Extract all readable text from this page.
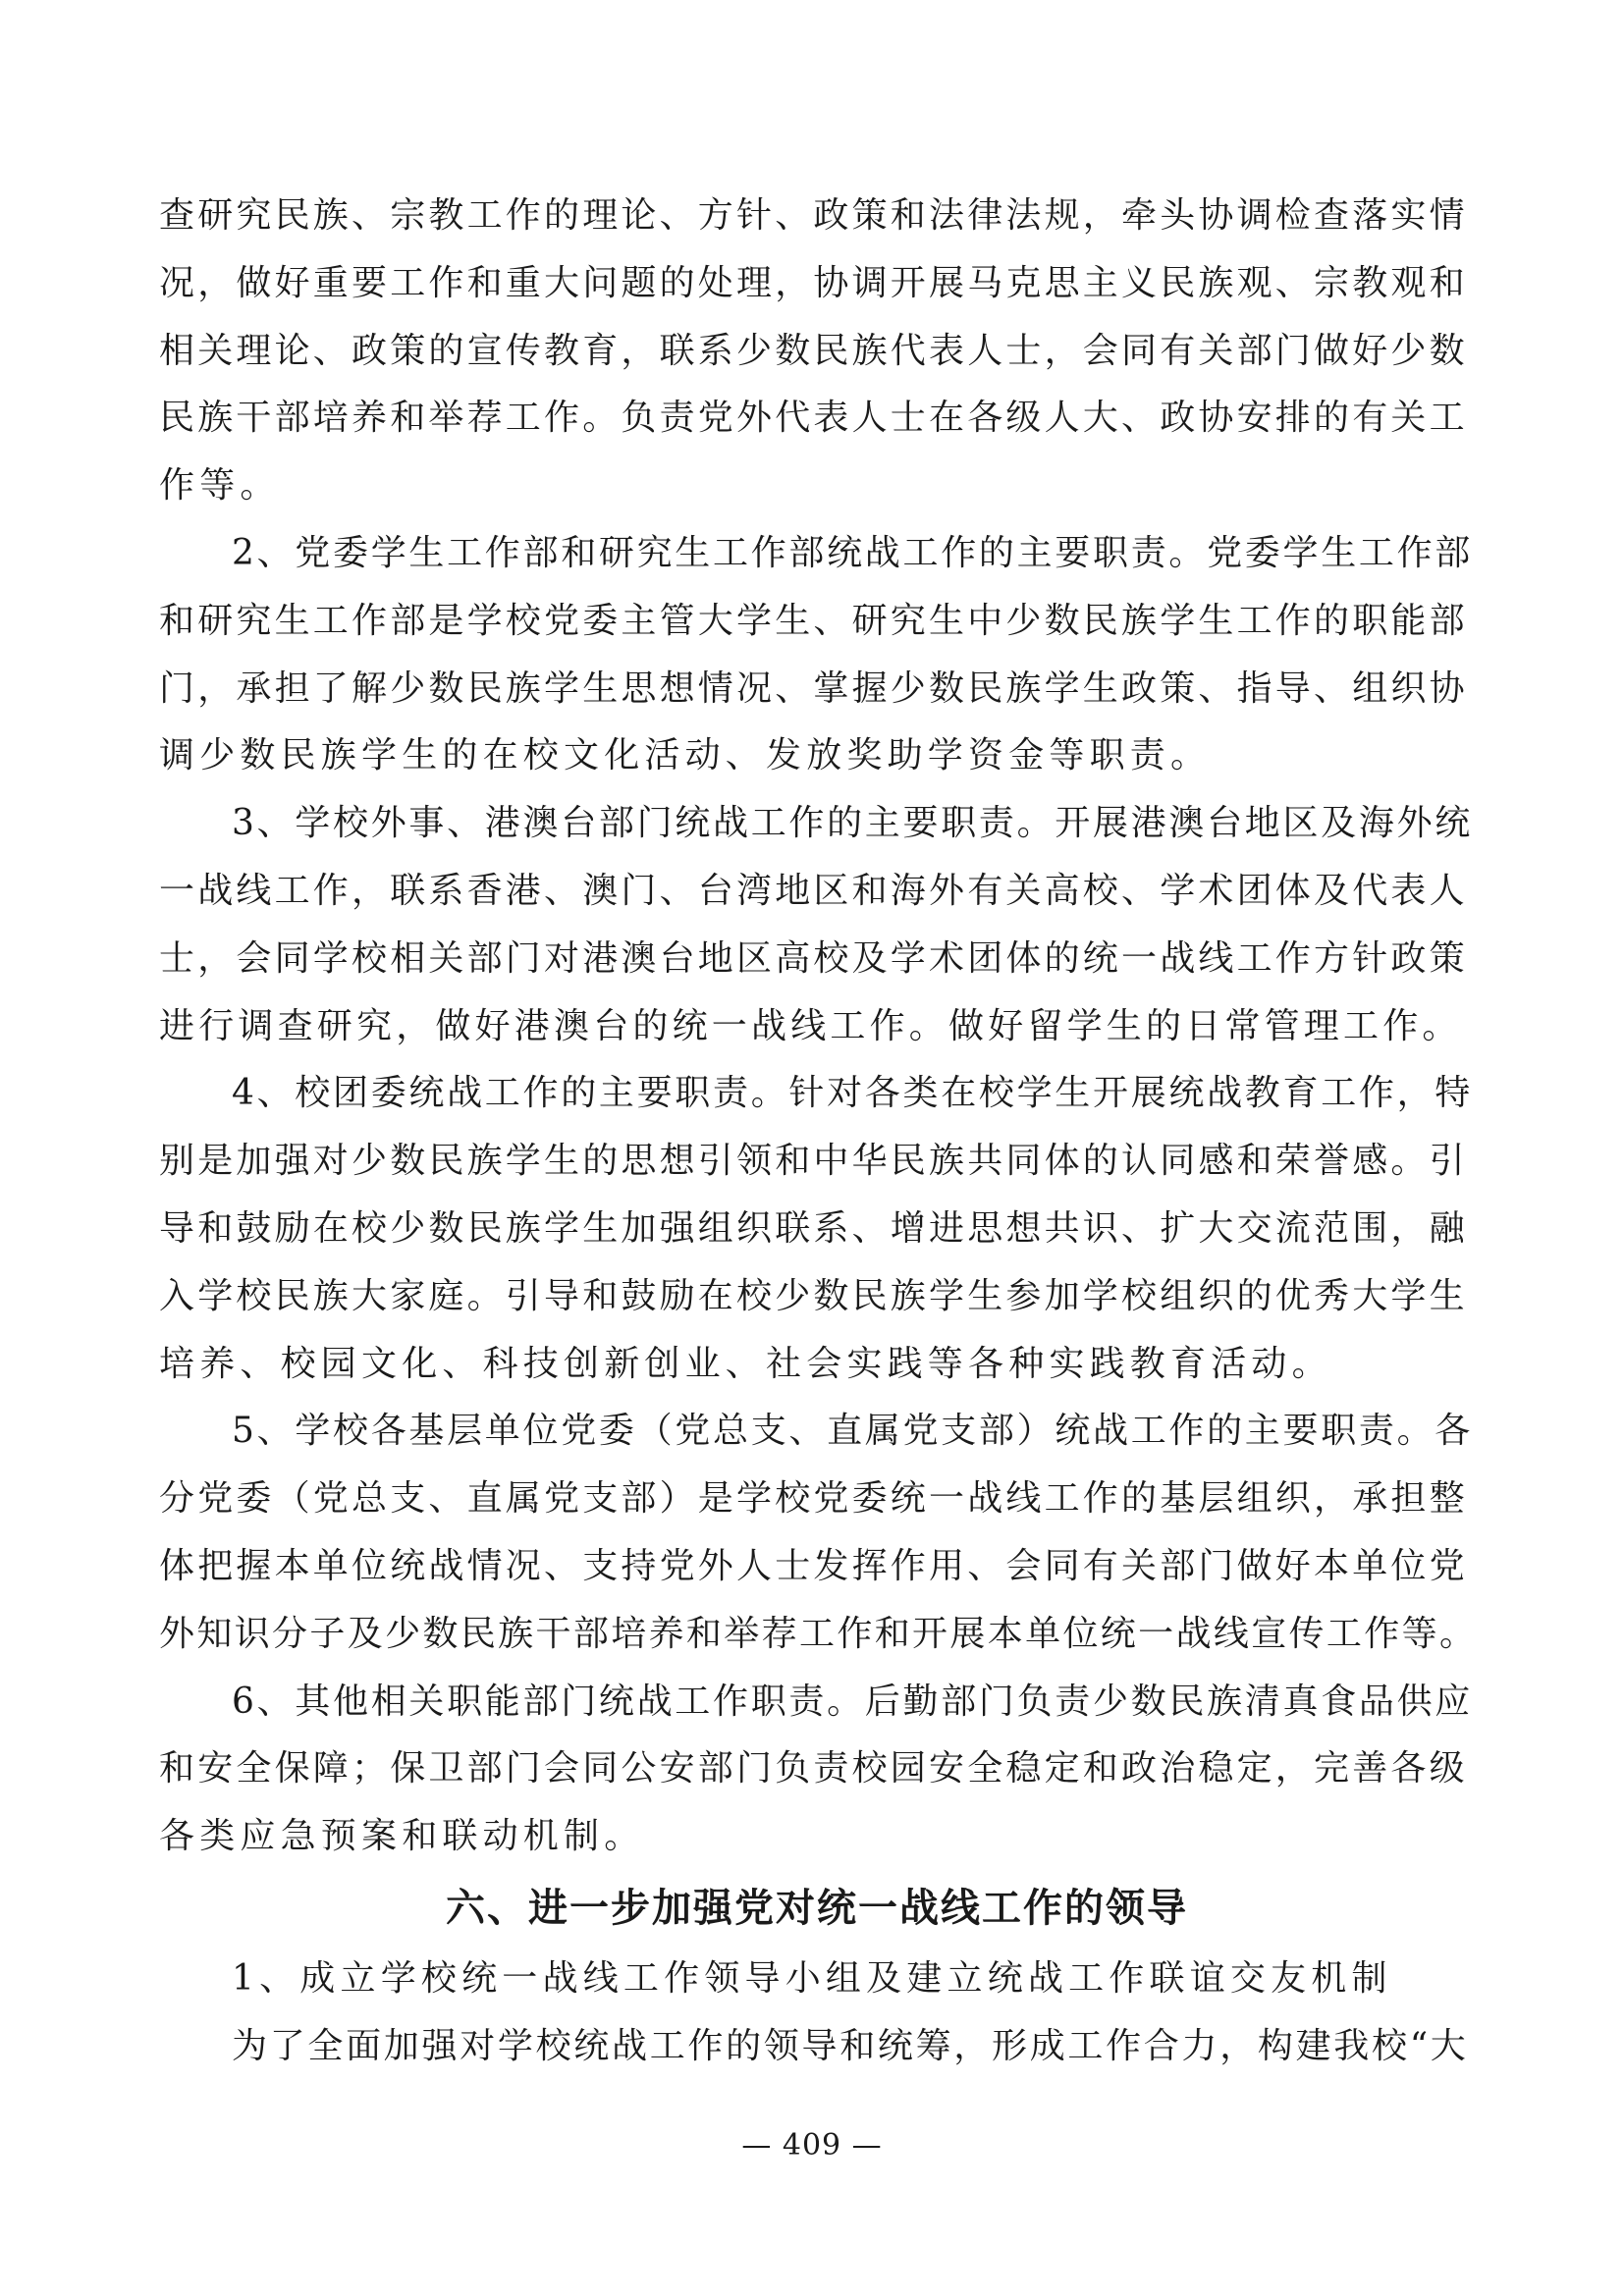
查研究民族、宗教工作的理论、方针、政策和法律法规，牵头协调检查落实情
况，做好重要工作和重大问题的处理，协调开展马克思主义民族观、宗教观和
相关理论、政策的宣传教育，联系少数民族代表人士，会同有关部门做好少数
民族干部培养和举荐工作。负责党外代表人士在各级人大、政协安排的有关工
作等。
2、党委学生工作部和研究生工作部统战工作的主要职责。党委学生工作部
和研究生工作部是学校党委主管大学生、研究生中少数民族学生工作的职能部
门，承担了解少数民族学生思想情况、掌握少数民族学生政策、指导、组织协
调少数民族学生的在校文化活动、发放奖助学资金等职责。
3、学校外事、港澳台部门统战工作的主要职责。开展港澳台地区及海外统
一战线工作，联系香港、澳门、台湾地区和海外有关高校、学术团体及代表人
士，会同学校相关部门对港澳台地区高校及学术团体的统一战线工作方针政策
进行调查研究，做好港澳台的统一战线工作。做好留学生的日常管理工作。
4、校团委统战工作的主要职责。针对各类在校学生开展统战教育工作，特
别是加强对少数民族学生的思想引领和中华民族共同体的认同感和荣誉感。引
导和鼓励在校少数民族学生加强组织联系、增进思想共识、扩大交流范围，融
入学校民族大家庭。引导和鼓励在校少数民族学生参加学校组织的优秀大学生
培养、校园文化、科技创新创业、社会实践等各种实践教育活动。
5、学校各基层单位党委（党总支、直属党支部）统战工作的主要职责。各
分党委（党总支、直属党支部）是学校党委统一战线工作的基层组织，承担整
体把握本单位统战情况、支持党外人士发挥作用、会同有关部门做好本单位党
外知识分子及少数民族干部培养和举荐工作和开展本单位统一战线宣传工作等。
6、其他相关职能部门统战工作职责。后勤部门负责少数民族清真食品供应
和安全保障；保卫部门会同公安部门负责校园安全稳定和政治稳定，完善各级
各类应急预案和联动机制。
六、进一步加强党对统一战线工作的领导
1、成立学校统一战线工作领导小组及建立统战工作联谊交友机制
为了全面加强对学校统战工作的领导和统筹，形成工作合力，构建我校“大
— 409 —
